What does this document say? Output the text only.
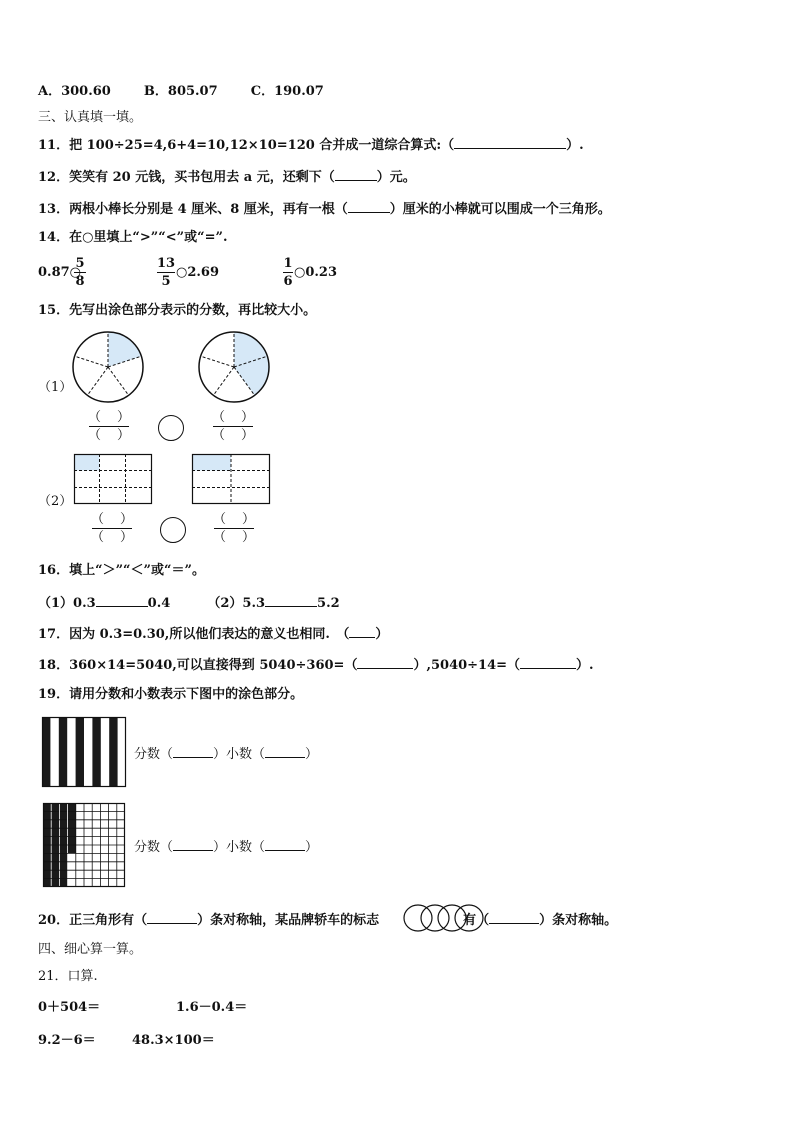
A．300.60	B．805.07	C．190.07
三、认真填一填。
11．把 100÷25=4,6+4=10,12×10=120 合并成一道综合算式:（	）.
12．笑笑有 20 元钱，买书包用去 a 元，还剩下（	）元。
13．两根小棒长分别是 4 厘米、8 厘米，再有一根（	）厘米的小棒就可以围成一个三角形。
14．在○里填上“>”“<”或“=”.
0.87○
5
8
13
5
○2.69
1
6
○0.23
15．先写出涂色部分表示的分数，再比较大小。
（1）
（ ）
（ ）
（ ）
（ ）
（2）
（ ）
（ ）
（ ）
（ ）
16．填上“＞”“＜”或“＝”。
（1）0.3	0.4	（2）5.3	5.2
17．因为 0.3=0.30,所以他们表达的意义也相同.　（ ）
18．360×14=5040,可以直接得到 5040÷360=（	）,5040÷14=（	）.
19．请用分数和小数表示下图中的涂色部分。
分数（	）小数（	）
分数（	）小数（	）
20．正三角形有（	）条对称轴，某品牌轿车的标志	有（	）条对称轴。
四、细心算一算。
21．口算.
0＋504＝	1.6－0.4＝
9.2－6＝	48.3×100＝
